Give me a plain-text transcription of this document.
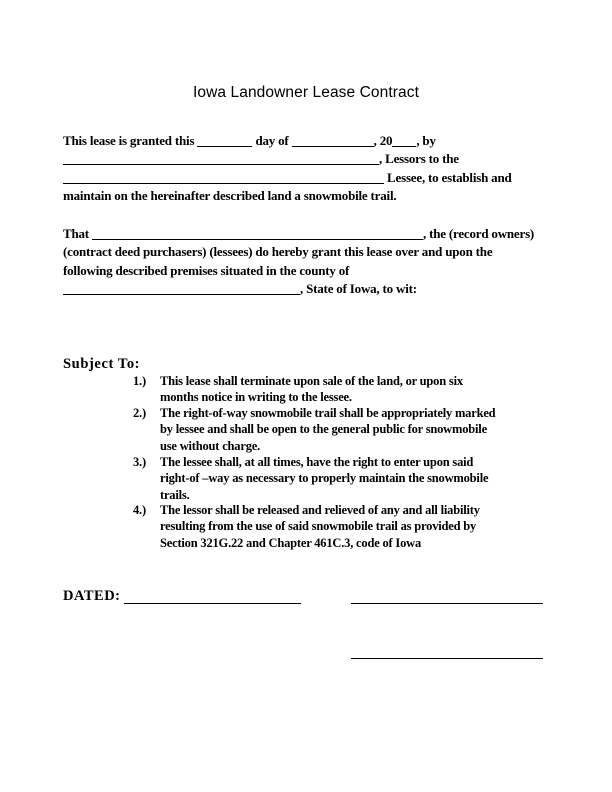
Iowa Landowner Lease Contract
This lease is granted this	day of	, 20 , by
, Lessors to the
Lessee, to establish and
maintain on the hereinafter described land a snowmobile trail.
That	, the (record owners)
(contract deed purchasers) (lessees) do hereby grant this lease over and upon the
following described premises situated in the county of
, State of Iowa, to wit:
Subject To:
1.)	This lease shall terminate upon sale of the land, or upon six
months notice in writing to the lessee.
2.)	The right-of-way snowmobile trail shall be appropriately marked
by lessee and shall be open to the general public for snowmobile
use without charge.
3.)	The lessee shall, at all times, have the right to enter upon said
right-of –way as necessary to properly maintain the snowmobile
trails.
4.)	The lessor shall be released and relieved of any and all liability
resulting from the use of said snowmobile trail as provided by
Section 321G.22 and Chapter 461C.3, code of Iowa
DATED:
